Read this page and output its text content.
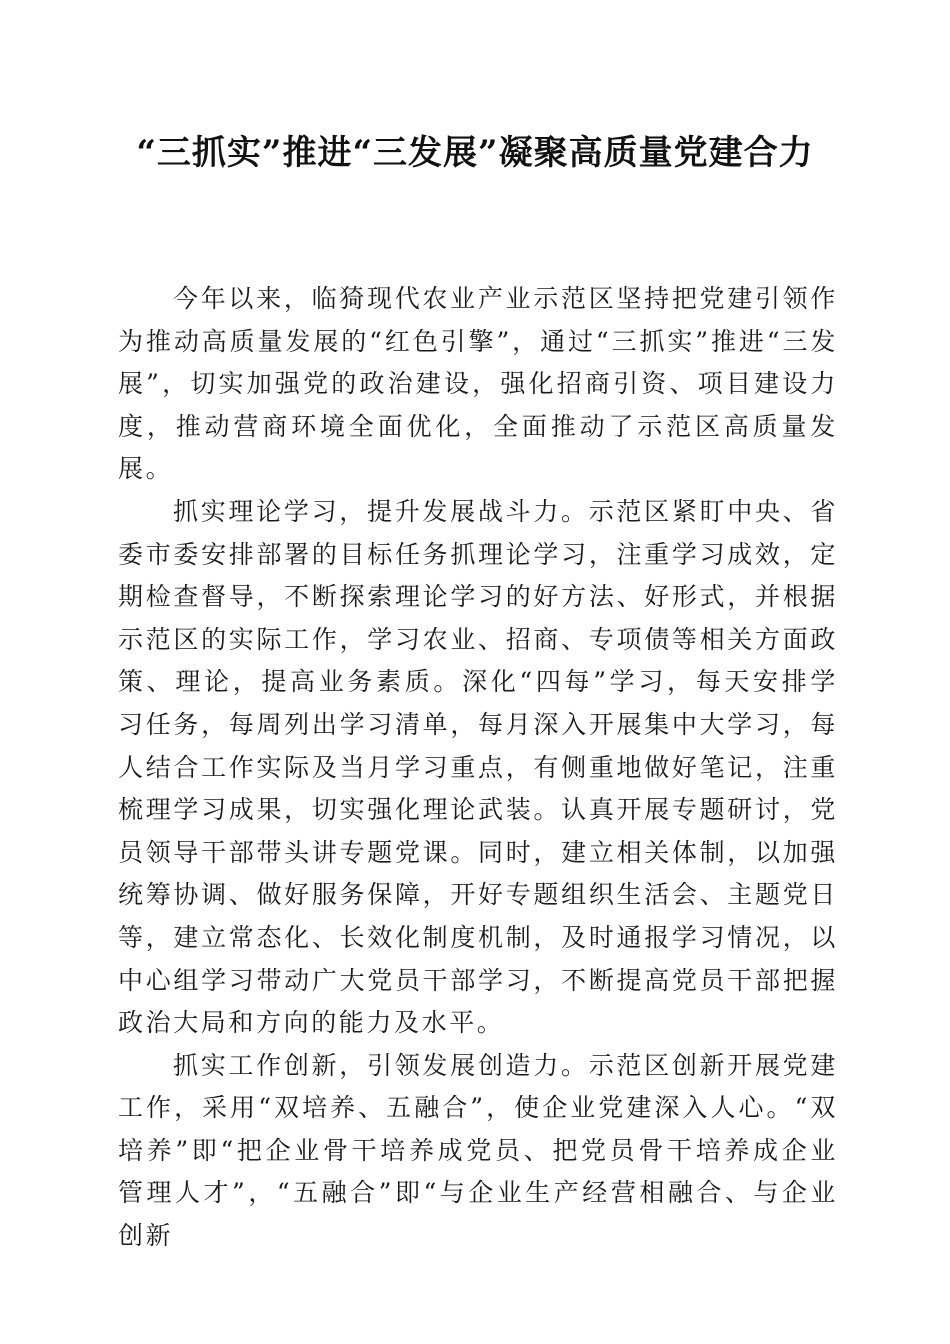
“三抓实”推进“三发展”凝聚高质量党建合力

今年以来，临猗现代农业产业示范区坚持把党建引领作为推动高质量发展的“红色引擎”，通过“三抓实”推进“三发展”，切实加强党的政治建设，强化招商引资、项目建设力度，推动营商环境全面优化，全面推动了示范区高质量发展。

抓实理论学习，提升发展战斗力。示范区紧盯中央、省委市委安排部署的目标任务抓理论学习，注重学习成效，定期检查督导，不断探索理论学习的好方法、好形式，并根据示范区的实际工作，学习农业、招商、专项债等相关方面政策、理论，提高业务素质。深化“四每”学习，每天安排学习任务，每周列出学习清单，每月深入开展集中大学习，每人结合工作实际及当月学习重点，有侧重地做好笔记，注重梳理学习成果，切实强化理论武装。认真开展专题研讨，党员领导干部带头讲专题党课。同时，建立相关体制，以加强统筹协调、做好服务保障，开好专题组织生活会、主题党日等，建立常态化、长效化制度机制，及时通报学习情况，以中心组学习带动广大党员干部学习，不断提高党员干部把握政治大局和方向的能力及水平。

抓实工作创新，引领发展创造力。示范区创新开展党建工作，采用“双培养、五融合”，使企业党建深入人心。“双培养”即“把企业骨干培养成党员、把党员骨干培养成企业管理人才”，“五融合”即“与企业生产经营相融合、与企业创新
